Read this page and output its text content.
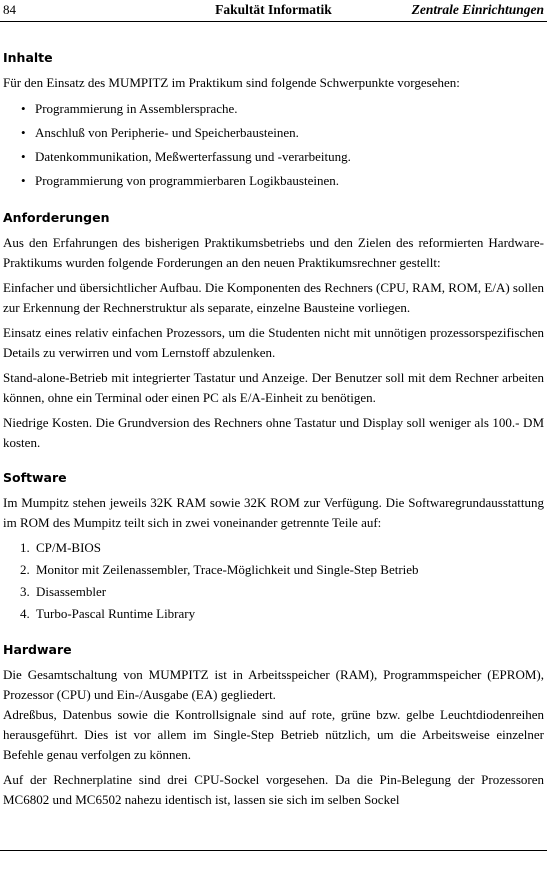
84	Fakultät Informatik	Zentrale Einrichtungen
Inhalte

Für den Einsatz des MUMPITZ im Praktikum sind folgende Schwerpunkte vorgesehen:

• Programmierung in Assemblersprache.
• Anschluß von Peripherie- und Speicherbausteinen.
• Datenkommunikation, Meßwerterfassung und -verarbeitung.
• Programmierung von programmierbaren Logikbausteinen.
Anforderungen

Aus den Erfahrungen des bisherigen Praktikumsbetriebs und den Zielen des reformierten Hardware-Praktikums wurden folgende Forderungen an den neuen Praktikumsrechner gestellt:

Einfacher und übersichtlicher Aufbau. Die Komponenten des Rechners (CPU, RAM, ROM, E/A) sollen zur Erkennung der Rechnerstruktur als separate, einzelne Bausteine vorliegen.

Einsatz eines relativ einfachen Prozessors, um die Studenten nicht mit unnötigen prozessorspezifischen Details zu verwirren und vom Lernstoff abzulenken.

Stand-alone-Betrieb mit integrierter Tastatur und Anzeige. Der Benutzer soll mit dem Rechner arbeiten können, ohne ein Terminal oder einen PC als E/A-Einheit zu benötigen.

Niedrige Kosten. Die Grundversion des Rechners ohne Tastatur und Display soll weniger als 100.- DM kosten.

Software

Im Mumpitz stehen jeweils 32K RAM sowie 32K ROM zur Verfügung. Die Softwaregrundausstattung im ROM des Mumpitz teilt sich in zwei voneinander getrennte Teile auf:

1. CP/M-BIOS
2. Monitor mit Zeilenassembler, Trace-Möglichkeit und Single-Step Betrieb
3. Disassembler
4. Turbo-Pascal Runtime Library
Hardware

Die Gesamtschaltung von MUMPITZ ist in Arbeitsspeicher (RAM), Programmspeicher (EPROM), Prozessor (CPU) und Ein-/Ausgabe (EA) gegliedert.

Adreßbus, Datenbus sowie die Kontrollsignale sind auf rote, grüne bzw. gelbe Leuchtdiodenreihen herausgeführt. Dies ist vor allem im Single-Step Betrieb nützlich, um die Arbeitsweise einzelner Befehle genau verfolgen zu können.

Auf der Rechnerplatine sind drei CPU-Sockel vorgesehen. Da die Pin-Belegung der Prozessoren MC6802 und MC6502 nahezu identisch ist, lassen sie sich im selben Sockel
